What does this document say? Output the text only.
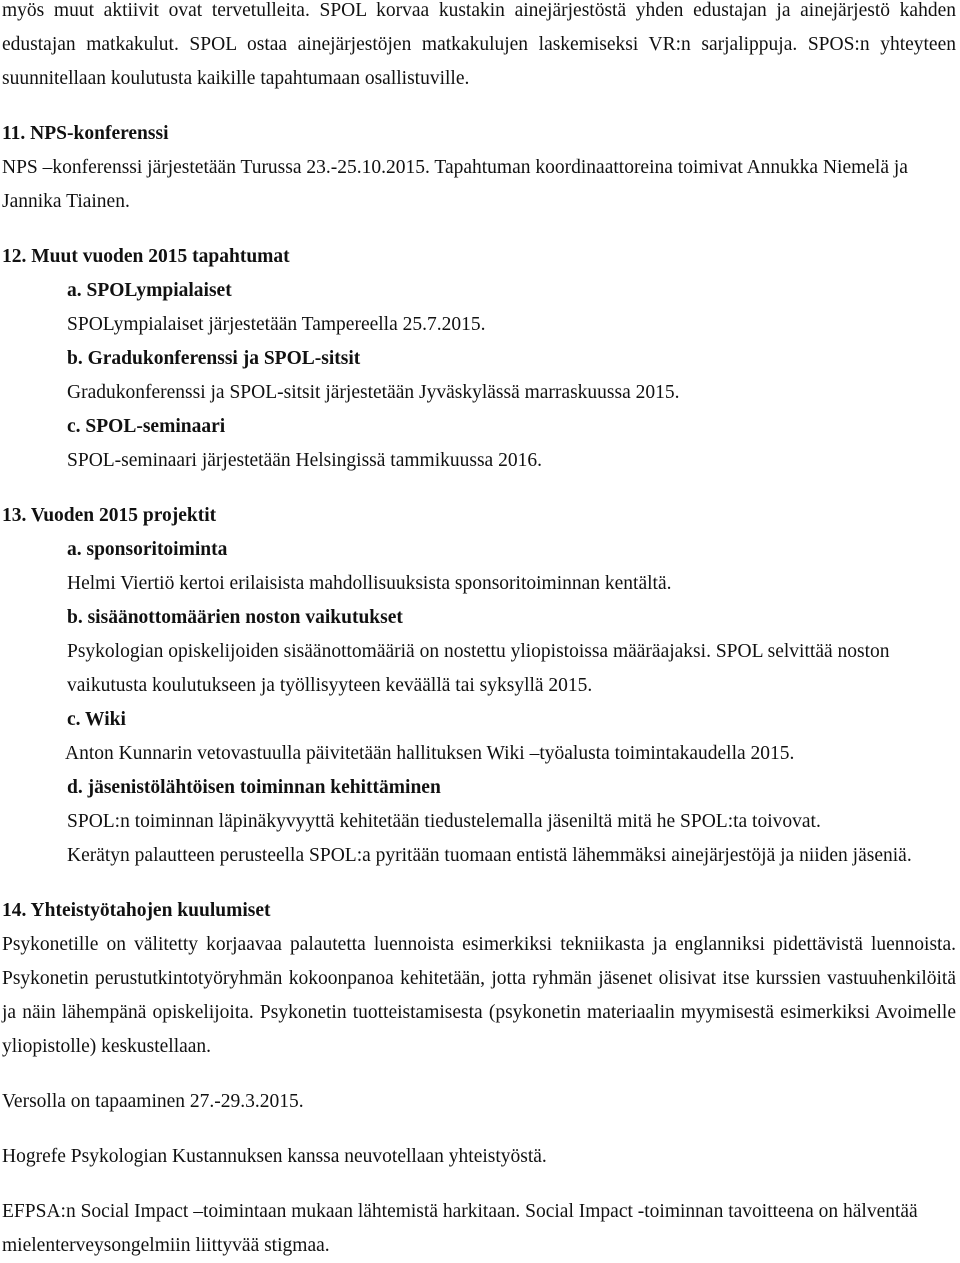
myös muut aktiivit ovat tervetulleita. SPOL korvaa kustakin ainejärjestöstä yhden edustajan ja ainejärjestö kahden edustajan matkakulut. SPOL ostaa ainejärjestöjen matkakulujen laskemiseksi VR:n sarjalippuja. SPOS:n yhteyteen suunnitellaan koulutusta kaikille tapahtumaan osallistuville.

11. NPS-konferenssi

NPS –konferenssi järjestetään Turussa 23.-25.10.2015. Tapahtuman koordinaattoreina toimivat Annukka Niemelä ja Jannika Tiainen.

12. Muut vuoden 2015 tapahtumat

a. SPOLympialaiset

SPOLympialaiset järjestetään Tampereella 25.7.2015.

b. Gradukonferenssi ja SPOL-sitsit

Gradukonferenssi ja SPOL-sitsit järjestetään Jyväskylässä marraskuussa 2015.

c. SPOL-seminaari

SPOL-seminaari järjestetään Helsingissä tammikuussa 2016.

13. Vuoden 2015 projektit

a. sponsoritoiminta

Helmi Viertiö kertoi erilaisista mahdollisuuksista sponsoritoiminnan kentältä.

b. sisäänottomäärien noston vaikutukset

Psykologian opiskelijoiden sisäänottomääriä on nostettu yliopistoissa määräajaksi. SPOL selvittää noston vaikutusta koulutukseen ja työllisyyteen keväällä tai syksyllä 2015.

c. Wiki

Anton Kunnarin vetovastuulla päivitetään hallituksen Wiki –työalusta toimintakaudella 2015.

d. jäsenistölähtöisen toiminnan kehittäminen

SPOL:n toiminnan läpinäkyvyyttä kehitetään tiedustelemalla jäseniltä mitä he SPOL:ta toivovat.

Kerätyn palautteen perusteella SPOL:a pyritään tuomaan entistä lähemmäksi ainejärjestöjä ja niiden jäseniä.

14. Yhteistyötahojen kuulumiset

Psykonetille on välitetty korjaavaa palautetta luennoista esimerkiksi tekniikasta ja englanniksi pidettävistä luennoista. Psykonetin perustutkintotyöryhmän kokoonpanoa kehitetään, jotta ryhmän jäsenet olisivat itse kurssien vastuuhenkilöitä ja näin lähempänä opiskelijoita. Psykonetin tuotteistamisesta (psykonetin materiaalin myymisestä esimerkiksi Avoimelle yliopistolle) keskustellaan.

Versolla on tapaaminen 27.-29.3.2015.

Hogrefe Psykologian Kustannuksen kanssa neuvotellaan yhteistyöstä.

EFPSA:n Social Impact –toimintaan mukaan lähtemistä harkitaan. Social Impact -toiminnan tavoitteena on hälventää mielenterveysongelmiin liittyvää stigmaa.
